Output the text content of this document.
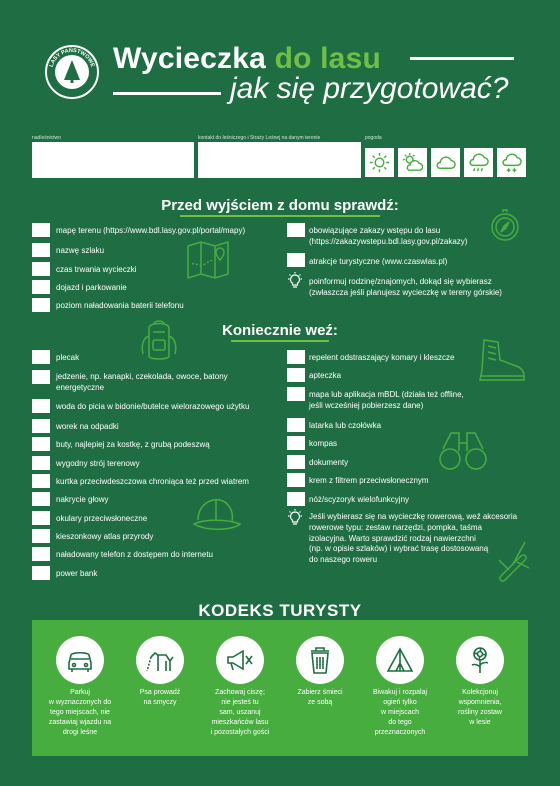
LASY PAŃSTWOWE Wycieczka do lasu
jak się przygotować?
nadleśnictwo	kontakt do leśniczego i Straży Leśnej na danym terenie	pogoda
Przed wyjściem z domu sprawdź:
mapę terenu (https://www.bdl.lasy.gov.pl/portal/mapy)
nazwę szlaku
czas trwania wycieczki
dojazd i parkowanie
poziom naładowania baterii telefonu
obowiązujące zakazy wstępu do lasu
(https://zakazywstepu.bdl.lasy.gov.pl/zakazy)
atrakcje turystyczne (www.czaswlas.pl)
poinformuj rodzinę/znajomych, dokąd się wybierasz
(zwłaszcza jeśli planujesz wycieczkę w tereny górskie)
Koniecznie weź:
plecak
jedzenie, np. kanapki, czekolada, owoce, batony
energetyczne
woda do picia w bidonie/butelce wielorazowego użytku
worek na odpadki
buty, najlepiej za kostkę, z grubą podeszwą
wygodny strój terenowy
kurtka przeciwdeszczowa chroniąca też przed wiatrem
nakrycie głowy
okulary przeciwsłoneczne
kieszonkowy atlas przyrody
naładowany telefon z dostępem do internetu
power bank
repelent odstraszający komary i kleszcze
apteczka
mapa lub aplikacja mBDL (działa też offline,
jeśli wcześniej pobierzesz dane)
latarka lub czołówka
kompas
dokumenty
krem z filtrem przeciwsłonecznym
nóż/scyzoryk wielofunkcyjny
Jeśli wybierasz się na wycieczkę rowerową, weź akcesoria
rowerowe typu: zestaw narzędzi, pompka, taśma
izolacyjna. Warto sprawdzić rodzaj nawierzchni
(np. w opisie szlaków) i wybrać trasę dostosowaną
do naszego roweru
KODEKS TURYSTY
Parkuj
w wyznaczonych do
tego miejscach, nie
zastawiaj wjazdu na
drogi leśne
Psa prowadź
na smyczy
Zachowaj ciszę;
nie jesteś tu
sam, uszanuj
mieszkańców lasu
i pozostałych gości
Zabierz śmieci
ze sobą
Biwakuj i rozpalaj
ogień tylko
w miejscach
do tego
przeznaczonych
Kolekcjonuj
wspomnienia,
rośliny zostaw
w lesie
